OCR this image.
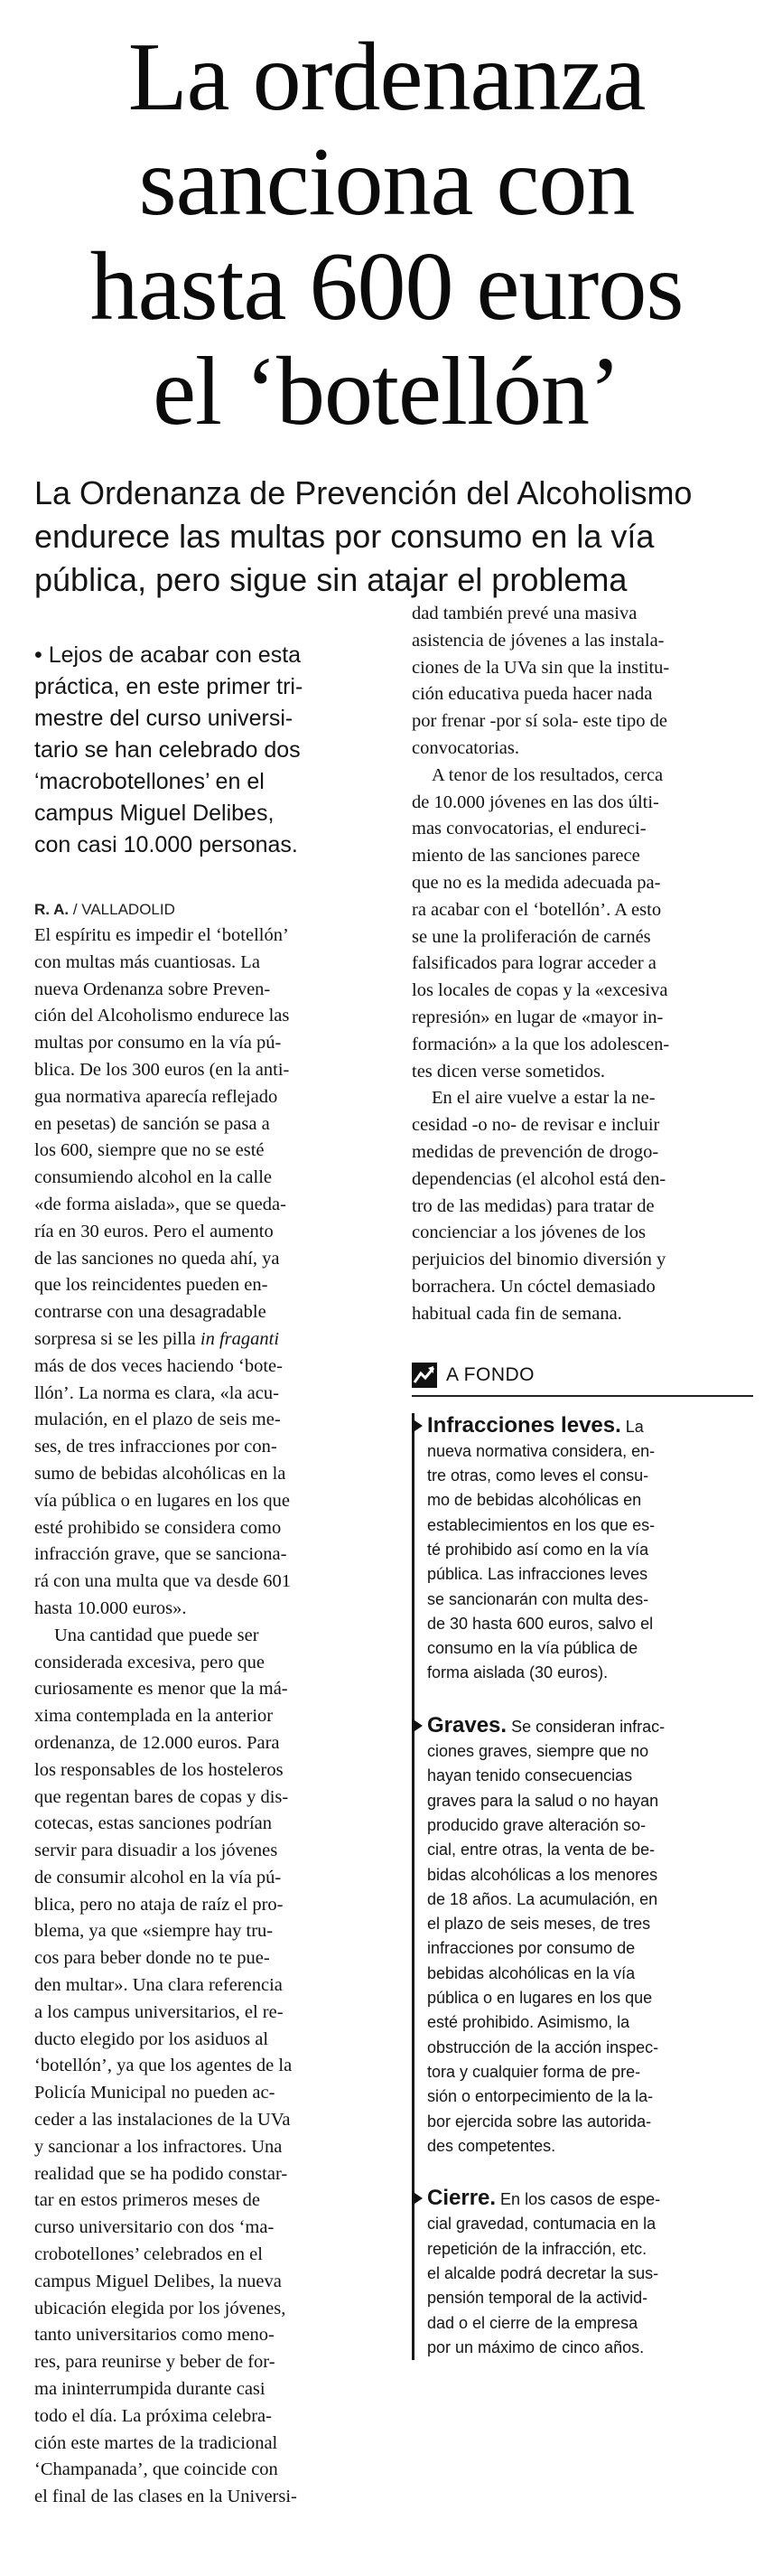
La ordenanza
sanciona con
hasta 600 euros
el ‘botellón’
La Ordenanza de Prevención del Alcoholismo
endurece las multas por consumo en la vía
pública, pero sigue sin atajar el problema
• Lejos de acabar con esta
práctica, en este primer tri-
mestre del curso universi-
tario se han celebrado dos
‘macrobotellones’ en el
campus Miguel Delibes,
con casi 10.000 personas.

R. A. / VALLADOLID

El espíritu es impedir el ‘botellón’
con multas más cuantiosas. La
nueva Ordenanza sobre Preven-
ción del Alcoholismo endurece las
multas por consumo en la vía pú-
blica. De los 300 euros (en la anti-
gua normativa aparecía reflejado
en pesetas) de sanción se pasa a
los 600, siempre que no se esté
consumiendo alcohol en la calle
«de forma aislada», que se queda-
ría en 30 euros. Pero el aumento
de las sanciones no queda ahí, ya
que los reincidentes pueden en-
contrarse con una desagradable
sorpresa si se les pilla in fraganti
más de dos veces haciendo ‘bote-
llón’. La norma es clara, «la acu-
mulación, en el plazo de seis me-
ses, de tres infracciones por con-
sumo de bebidas alcohólicas en la
vía pública o en lugares en los que
esté prohibido se considera como
infracción grave, que se sanciona-
rá con una multa que va desde 601
hasta 10.000 euros».
Una cantidad que puede ser
considerada excesiva, pero que
curiosamente es menor que la má-
xima contemplada en la anterior
ordenanza, de 12.000 euros. Para
los responsables de los hosteleros
que regentan bares de copas y dis-
cotecas, estas sanciones podrían
servir para disuadir a los jóvenes
de consumir alcohol en la vía pú-
blica, pero no ataja de raíz el pro-
blema, ya que «siempre hay tru-
cos para beber donde no te pue-
den multar». Una clara referencia
a los campus universitarios, el re-
ducto elegido por los asiduos al
‘botellón’, ya que los agentes de la
Policía Municipal no pueden ac-
ceder a las instalaciones de la UVa
y sancionar a los infractores. Una
realidad que se ha podido constar-
tar en estos primeros meses de
curso universitario con dos ‘ma-
crobotellones’ celebrados en el
campus Miguel Delibes, la nueva
ubicación elegida por los jóvenes,
tanto universitarios como meno-
res, para reunirse y beber de for-
ma ininterrumpida durante casi
todo el día. La próxima celebra-
ción este martes de la tradicional
‘Champanada’, que coincide con
el final de las clases en la Universi-
dad también prevé una masiva
asistencia de jóvenes a las instala-
ciones de la UVa sin que la institu-
ción educativa pueda hacer nada
por frenar -por sí sola- este tipo de
convocatorias.
A tenor de los resultados, cerca
de 10.000 jóvenes en las dos últi-
mas convocatorias, el endureci-
miento de las sanciones parece
que no es la medida adecuada pa-
ra acabar con el ‘botellón’. A esto
se une la proliferación de carnés
falsificados para lograr acceder a
los locales de copas y la «excesiva
represión» en lugar de «mayor in-
formación» a la que los adolescen-
tes dicen verse sometidos.
En el aire vuelve a estar la ne-
cesidad -o no- de revisar e incluir
medidas de prevención de drogo-
dependencias (el alcohol está den-
tro de las medidas) para tratar de
concienciar a los jóvenes de los
perjuicios del binomio diversión y
borrachera. Un cóctel demasiado
habitual cada fin de semana.
A FONDO
Infracciones leves. La
nueva normativa considera, en-
tre otras, como leves el consu-
mo de bebidas alcohólicas en
establecimientos en los que es-
té prohibido así como en la vía
pública. Las infracciones leves
se sancionarán con multa des-
de 30 hasta 600 euros, salvo el
consumo en la vía pública de
forma aislada (30 euros).
Graves. Se consideran infrac-
ciones graves, siempre que no
hayan tenido consecuencias
graves para la salud o no hayan
producido grave alteración so-
cial, entre otras, la venta de be-
bidas alcohólicas a los menores
de 18 años. La acumulación, en
el plazo de seis meses, de tres
infracciones por consumo de
bebidas alcohólicas en la vía
pública o en lugares en los que
esté prohibido. Asimismo, la
obstrucción de la acción inspec-
tora y cualquier forma de pre-
sión o entorpecimiento de la la-
bor ejercida sobre las autorida-
des competentes.
Cierre. En los casos de espe-
cial gravedad, contumacia en la
repetición de la infracción, etc.
el alcalde podrá decretar la sus-
pensión temporal de la activid-
dad o el cierre de la empresa
por un máximo de cinco años.
